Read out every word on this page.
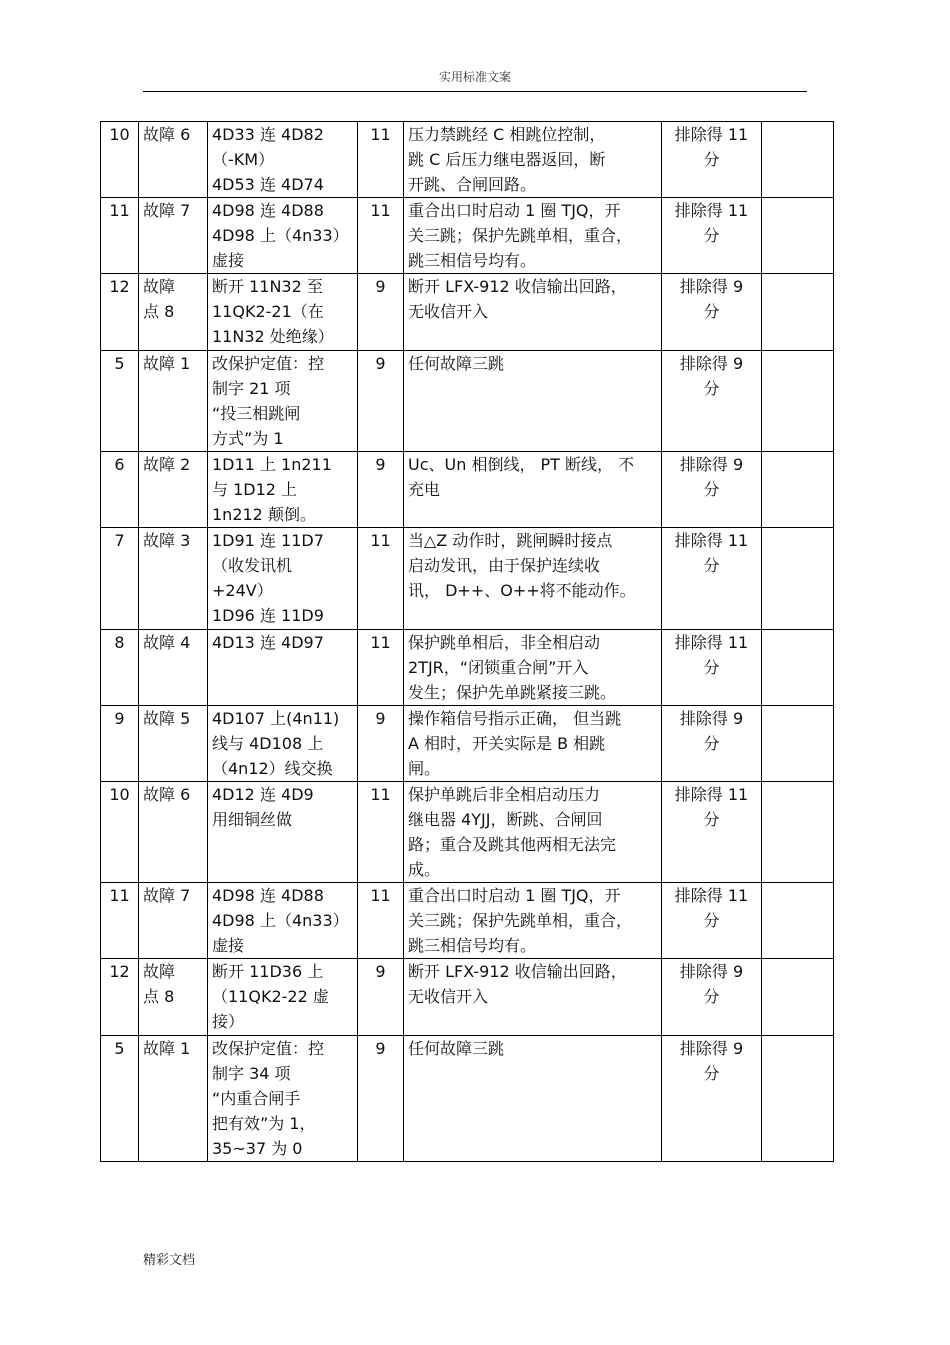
实用标准文案
10	故障 6	4D33 连 4D82
（-KM）
4D53 连 4D74	11	压力禁跳经 C 相跳位控制，
跳 C 后压力继电器返回，断
开跳、合闸回路。	排除得 11
分	

11	故障 7	4D98 连 4D88
4D98 上（4n33）
虚接	11	重合出口时启动 1 圈 TJQ，开
关三跳；保护先跳单相，重合，
跳三相信号均有。	排除得 11
分	

12	故障
点 8	断开 11N32 至
11QK2-21（在
11N32 处绝缘）	9	断开 LFX-912 收信输出回路，
无收信开入	排除得 9
分	

5	故障 1	改保护定值：控
制字 21 项
“投三相跳闸
方式”为 1	9	任何故障三跳	排除得 9
分	

6	故障 2	1D11 上 1n211
与 1D12 上
1n212 颠倒。	9	Uc、Un 相倒线， PT 断线， 不
充电	排除得 9
分	

7	故障 3	1D91 连 11D7
（收发讯机
+24V）
1D96 连 11D9	11	当△Z 动作时，跳闸瞬时接点
启动发讯，由于保护连续收
讯， D++、O++将不能动作。	排除得 11
分	

8	故障 4	4D13 连 4D97	11	保护跳单相后，非全相启动
2TJR，“闭锁重合闸”开入
发生；保护先单跳紧接三跳。	排除得 11
分	

9	故障 5	4D107 上(4n11)
线与 4D108 上
（4n12）线交换	9	操作箱信号指示正确， 但当跳
A 相时，开关实际是 B 相跳
闸。	排除得 9
分	

10	故障 6	4D12 连 4D9
用细铜丝做	11	保护单跳后非全相启动压力
继电器 4YJJ，断跳、合闸回
路；重合及跳其他两相无法完
成。	排除得 11
分	

11	故障 7	4D98 连 4D88
4D98 上（4n33）
虚接	11	重合出口时启动 1 圈 TJQ，开
关三跳；保护先跳单相，重合，
跳三相信号均有。	排除得 11
分	

12	故障
点 8	断开 11D36 上
（11QK2-22 虚
接）	9	断开 LFX-912 收信输出回路，
无收信开入	排除得 9
分	

5	故障 1	改保护定值：控
制字 34 项
“内重合闸手
把有效”为 1，
35~37 为 0	9	任何故障三跳	排除得 9
分	

精彩文档
